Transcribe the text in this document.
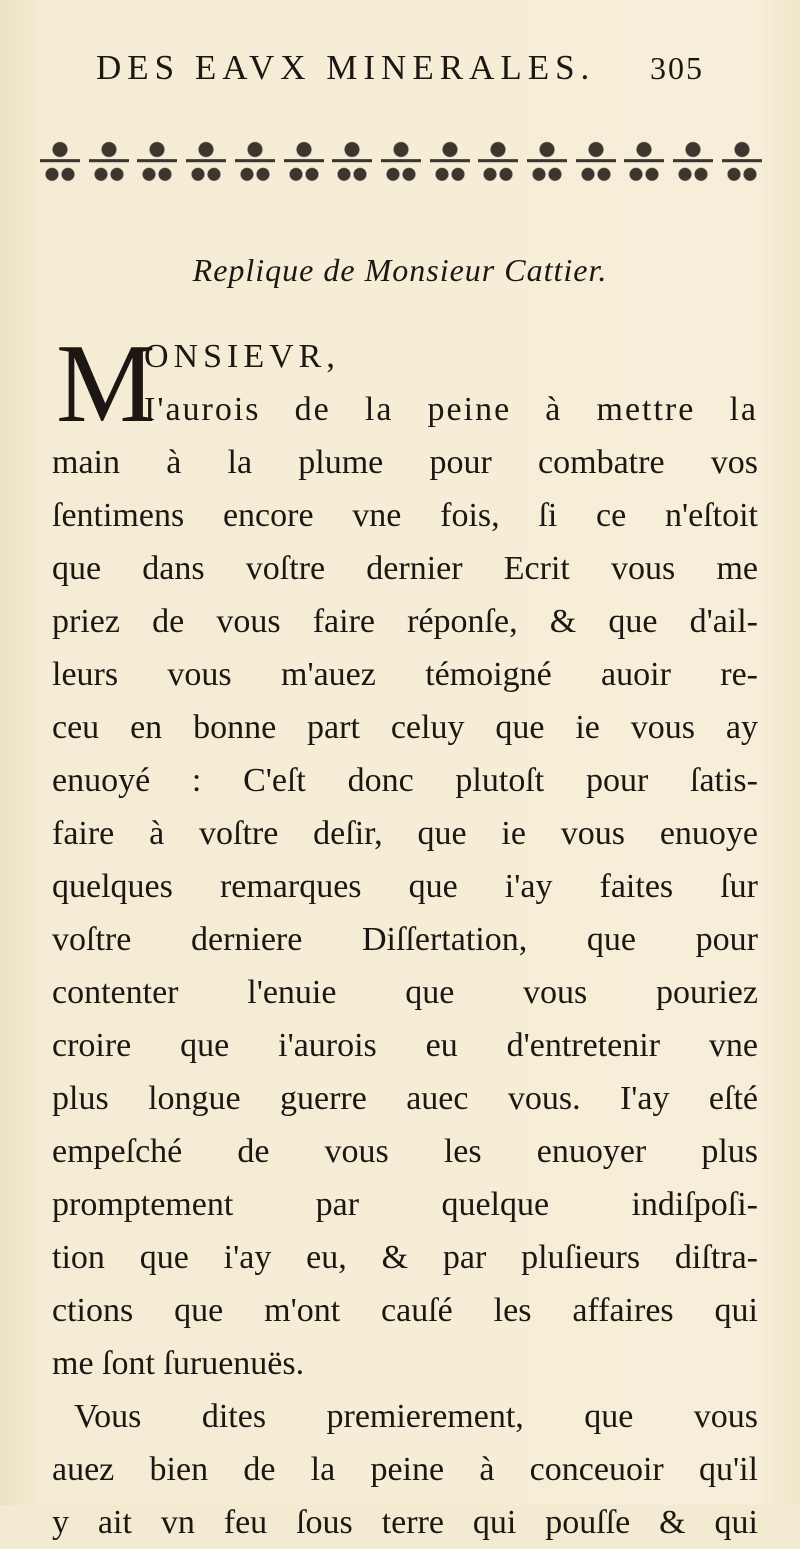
DES EAVX MINERALES. 305
Replique de Monsieur Cattier.
M
ONSIEVR,
I'aurois de la peine à mettre la
main à la plume pour combatre vos
ſentimens encore vne fois, ſi ce n'eſtoit
que dans voſtre dernier Ecrit vous me
priez de vous faire réponſe, & que d'ail-
leurs vous m'auez témoigné auoir re-
ceu en bonne part celuy que ie vous ay
enuoyé : C'eſt donc plutoſt pour ſatis-
faire à voſtre deſir, que ie vous enuoye
quelques remarques que i'ay faites ſur
voſtre derniere Diſſertation, que pour
contenter l'enuie que vous pouriez
croire que i'aurois eu d'entretenir vne
plus longue guerre auec vous. I'ay eſté
empeſché de vous les enuoyer plus
promptement par quelque indiſpoſi-
tion que i'ay eu, & par pluſieurs diſtra-
ctions que m'ont cauſé les affaires qui
me ſont ſuruenuës.
Vous dites premierement, que vous
auez bien de la peine à conceuoir qu'il
y ait vn feu ſous terre qui pouſſe & qui
